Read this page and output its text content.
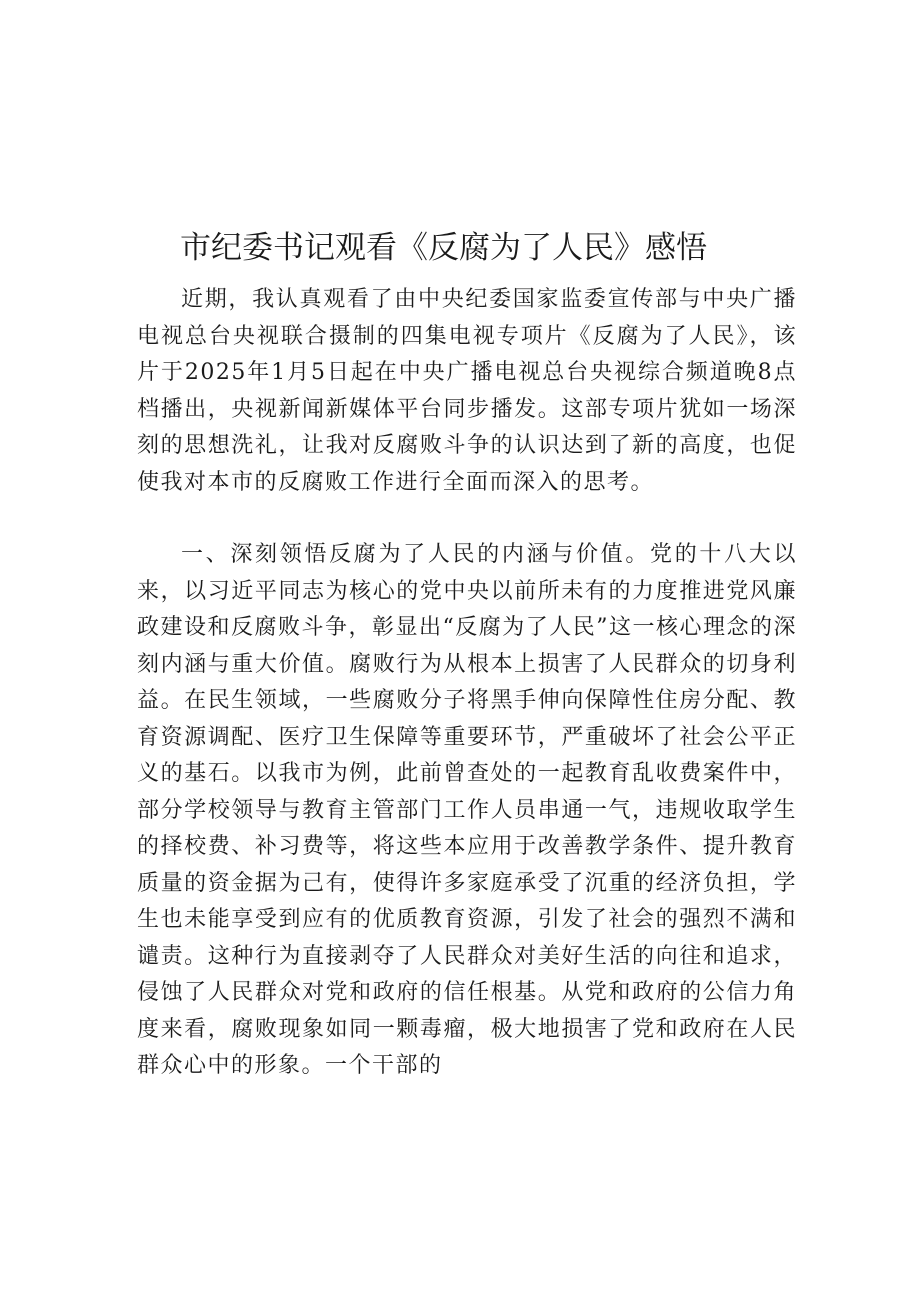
市纪委书记观看《反腐为了人民》感悟

近期，我认真观看了由中央纪委国家监委宣传部与中央广播电视总台央视联合摄制的四集电视专项片《反腐为了人民》，该片于2025年1月5日起在中央广播电视总台央视综合频道晚8点档播出，央视新闻新媒体平台同步播发。这部专项片犹如一场深刻的思想洗礼，让我对反腐败斗争的认识达到了新的高度，也促使我对本市的反腐败工作进行全面而深入的思考。

一、深刻领悟反腐为了人民的内涵与价值。党的十八大以来，以习近平同志为核心的党中央以前所未有的力度推进党风廉政建设和反腐败斗争，彰显出“反腐为了人民”这一核心理念的深刻内涵与重大价值。腐败行为从根本上损害了人民群众的切身利益。在民生领域，一些腐败分子将黑手伸向保障性住房分配、教育资源调配、医疗卫生保障等重要环节，严重破坏了社会公平正义的基石。以我市为例，此前曾查处的一起教育乱收费案件中，部分学校领导与教育主管部门工作人员串通一气，违规收取学生的择校费、补习费等，将这些本应用于改善教学条件、提升教育质量的资金据为己有，使得许多家庭承受了沉重的经济负担，学生也未能享受到应有的优质教育资源，引发了社会的强烈不满和谴责。这种行为直接剥夺了人民群众对美好生活的向往和追求，侵蚀了人民群众对党和政府的信任根基。从党和政府的公信力角度来看，腐败现象如同一颗毒瘤，极大地损害了党和政府在人民群众心中的形象。一个干部的
